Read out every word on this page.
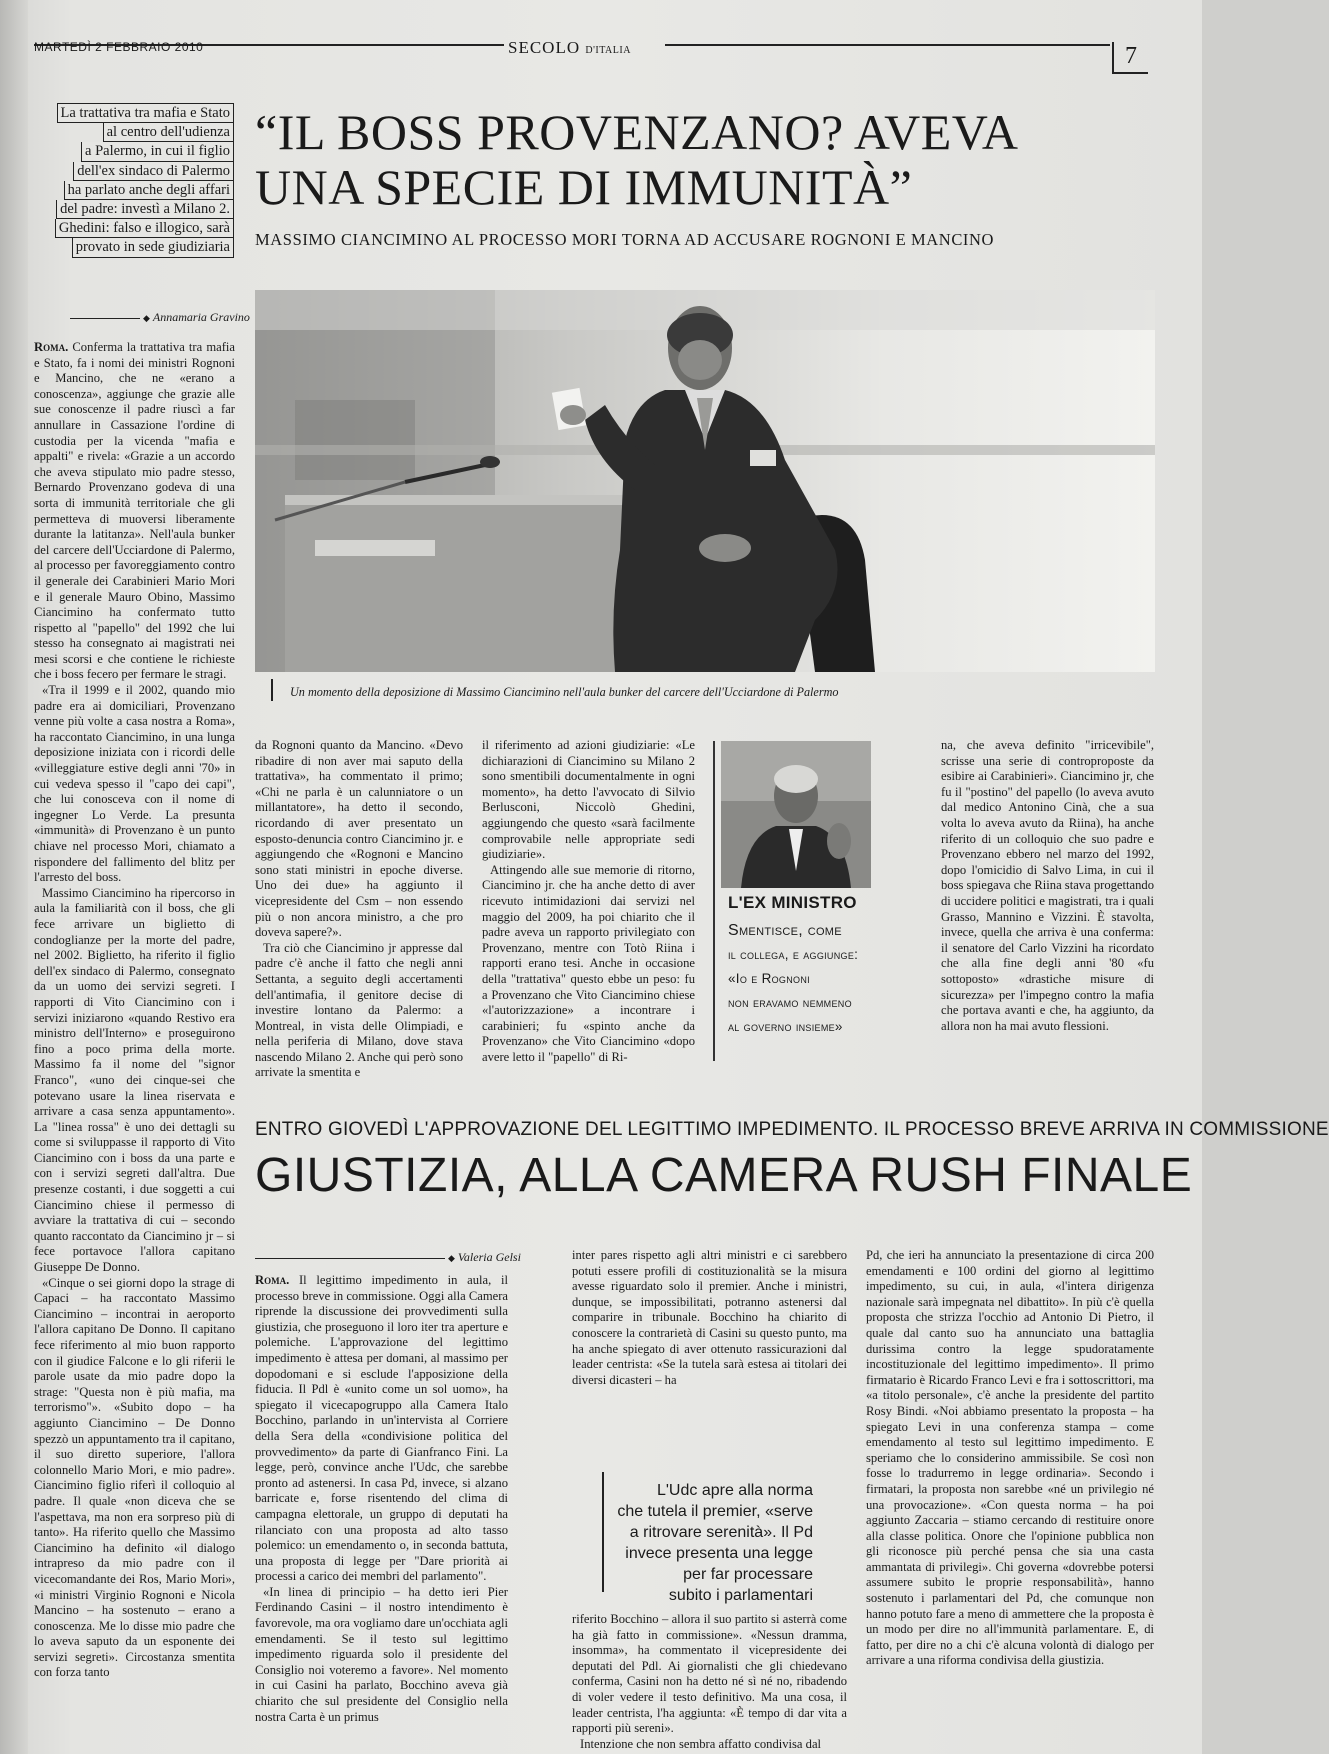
MARTEDÌ 2 FEBBRAIO 2010	SECOLO D'ITALIA	7
La trattativa tra mafia e Stato
al centro dell'udienza
a Palermo, in cui il figlio
dell'ex sindaco di Palermo
ha parlato anche degli affari
del padre: investì a Milano 2.
Ghedini: falso e illogico, sarà
provato in sede giudiziaria
“IL BOSS PROVENZANO? AVEVA
UNA SPECIE DI IMMUNITÀ”
MASSIMO CIANCIMINO AL PROCESSO MORI TORNA AD ACCUSARE ROGNONI E MANCINO
◆ Annamaria Gravino
Un momento della deposizione di Massimo Ciancimino nell'aula bunker del carcere dell'Ucciardone di Palermo

Roma. Conferma la trattativa tra mafia e Stato, fa i nomi dei ministri Rognoni e Mancino, che ne «erano a conoscenza», aggiunge che grazie alle sue conoscenze il padre riuscì a far annullare in Cassazione l'ordine di custodia per la vicenda "mafia e appalti" e rivela: «Grazie a un accordo che aveva stipulato mio padre stesso, Bernardo Provenzano godeva di una sorta di immunità territoriale che gli permetteva di muoversi liberamente durante la latitanza». Nell'aula bunker del carcere dell'Ucciardone di Palermo, al processo per favoreggiamento contro il generale dei Carabinieri Mario Mori e il generale Mauro Obino, Massimo Ciancimino ha confermato tutto rispetto al "papello" del 1992 che lui stesso ha consegnato ai magistrati nei mesi scorsi e che contiene le richieste che i boss fecero per fermare le stragi.

«Tra il 1999 e il 2002, quando mio padre era ai domiciliari, Provenzano venne più volte a casa nostra a Roma», ha raccontato Ciancimino, in una lunga deposizione iniziata con i ricordi delle «villeggiature estive degli anni '70» in cui vedeva spesso il "capo dei capi", che lui conosceva con il nome di ingegner Lo Verde. La presunta «immunità» di Provenzano è un punto chiave nel processo Mori, chiamato a rispondere del fallimento del blitz per l'arresto del boss.

Massimo Ciancimino ha ripercorso in aula la familiarità con il boss, che gli fece arrivare un biglietto di condoglianze per la morte del padre, nel 2002. Biglietto, ha riferito il figlio dell'ex sindaco di Palermo, consegnato da un uomo dei servizi segreti. I rapporti di Vito Ciancimino con i servizi iniziarono «quando Restivo era ministro dell'Interno» e proseguirono fino a poco prima della morte. Massimo fa il nome del "signor Franco", «uno dei cinque-sei che potevano usare la linea riservata e arrivare a casa senza appuntamento». La "linea rossa" è uno dei dettagli su come si sviluppasse il rapporto di Vito Ciancimino con i boss da una parte e con i servizi segreti dall'altra. Due presenze costanti, i due soggetti a cui Ciancimino chiese il permesso di avviare la trattativa di cui – secondo quanto raccontato da Ciancimino jr – si fece portavoce l'allora capitano Giuseppe De Donno.

«Cinque o sei giorni dopo la strage di Capaci – ha raccontato Massimo Ciancimino – incontrai in aeroporto l'allora capitano De Donno. Il capitano fece riferimento al mio buon rapporto con il giudice Falcone e lo gli riferii le parole usate da mio padre dopo la strage: "Questa non è più mafia, ma terrorismo"». «Subito dopo – ha aggiunto Ciancimino – De Donno spezzò un appuntamento tra il capitano, il suo diretto superiore, l'allora colonnello Mario Mori, e mio padre». Ciancimino figlio riferì il colloquio al padre. Il quale «non diceva che se l'aspettava, ma non era sorpreso più di tanto». Ha riferito quello che Massimo Ciancimino ha definito «il dialogo intrapreso da mio padre con il vicecomandante dei Ros, Mario Mori», «i ministri Virginio Rognoni e Nicola Mancino – ha sostenuto – erano a conoscenza. Me lo disse mio padre che lo aveva saputo da un esponente dei servizi segreti». Circostanza smentita con forza tanto

da Rognoni quanto da Mancino. «Devo ribadire di non aver mai saputo della trattativa», ha commentato il primo; «Chi ne parla è un calunniatore o un millantatore», ha detto il secondo, ricordando di aver presentato un esposto-denuncia contro Ciancimino jr. e aggiungendo che «Rognoni e Mancino sono stati ministri in epoche diverse. Uno dei due» ha aggiunto il vicepresidente del Csm – non essendo più o non ancora ministro, a che pro doveva sapere?».

Tra ciò che Ciancimino jr appresse dal padre c'è anche il fatto che negli anni Settanta, a seguito degli accertamenti dell'antimafia, il genitore decise di investire lontano da Palermo: a Montreal, in vista delle Olimpiadi, e nella periferia di Milano, dove stava nascendo Milano 2. Anche qui però sono arrivate la smentita e

il riferimento ad azioni giudiziarie: «Le dichiarazioni di Ciancimino su Milano 2 sono smentibili documentalmente in ogni momento», ha detto l'avvocato di Silvio Berlusconi, Niccolò Ghedini, aggiungendo che questo «sarà facilmente comprovabile nelle appropriate sedi giudiziarie».

Attingendo alle sue memorie di ritorno, Ciancimino jr. che ha anche detto di aver ricevuto intimidazioni dai servizi nel maggio del 2009, ha poi chiarito che il padre aveva un rapporto privilegiato con Provenzano, mentre con Totò Riina i rapporti erano tesi. Anche in occasione della "trattativa" questo ebbe un peso: fu a Provenzano che Vito Ciancimino chiese «l'autorizzazione» a incontrare i carabinieri; fu «spinto anche da Provenzano» che Vito Ciancimino «dopo avere letto il "papello" di Ri-

L'EX MINISTRO
Smentisce, come
il collega, e aggiunge:
«Io e Rognoni
non eravamo nemmeno
al governo insieme»

na, che aveva definito "irricevibile", scrisse una serie di controproposte da esibire ai Carabinieri». Ciancimino jr, che fu il "postino" del papello (lo aveva avuto dal medico Antonino Cinà, che a sua volta lo aveva avuto da Riina), ha anche riferito di un colloquio che suo padre e Provenzano ebbero nel marzo del 1992, dopo l'omicidio di Salvo Lima, in cui il boss spiegava che Riina stava progettando di uccidere politici e magistrati, tra i quali Grasso, Mannino e Vizzini. È stavolta, invece, quella che arriva è una conferma: il senatore del Carlo Vizzini ha ricordato che alla fine degli anni '80 «fu sottoposto» «drastiche misure di sicurezza» per l'impegno contro la mafia che portava avanti e che, ha aggiunto, da allora non ha mai avuto flessioni.

ENTRO GIOVEDÌ L'APPROVAZIONE DEL LEGITTIMO IMPEDIMENTO. IL PROCESSO BREVE ARRIVA IN COMMISSIONE
GIUSTIZIA, ALLA CAMERA RUSH FINALE
◆ Valeria Gelsi

Roma. Il legittimo impedimento in aula, il processo breve in commissione. Oggi alla Camera riprende la discussione dei provvedimenti sulla giustizia, che proseguono il loro iter tra aperture e polemiche. L'approvazione del legittimo impedimento è attesa per domani, al massimo per dopodomani e si esclude l'apposizione della fiducia. Il Pdl è «unito come un sol uomo», ha spiegato il vicecapogruppo alla Camera Italo Bocchino, parlando in un'intervista al Corriere della Sera della «condivisione politica del provvedimento» da parte di Gianfranco Fini. La legge, però, convince anche l'Udc, che sarebbe pronto ad astenersi. In casa Pd, invece, si alzano barricate e, forse risentendo del clima di campagna elettorale, un gruppo di deputati ha rilanciato con una proposta ad alto tasso polemico: un emendamento o, in seconda battuta, una proposta di legge per "Dare priorità ai processi a carico dei membri del parlamento".

«In linea di principio – ha detto ieri Pier Ferdinando Casini – il nostro intendimento è favorevole, ma ora vogliamo dare un'occhiata agli emendamenti. Se il testo sul legittimo impedimento riguarda solo il presidente del Consiglio noi voteremo a favore». Nel momento in cui Casini ha parlato, Bocchino aveva già chiarito che sul presidente del Consiglio nella nostra Carta è un primus

inter pares rispetto agli altri ministri e ci sarebbero potuti essere profili di costituzionalità se la misura avesse riguardato solo il premier. Anche i ministri, dunque, se impossibilitati, potranno astenersi dal comparire in tribunale. Bocchino ha chiarito di conoscere la contrarietà di Casini su questo punto, ma ha anche spiegato di aver ottenuto rassicurazioni dal leader centrista: «Se la tutela sarà estesa ai titolari dei diversi dicasteri – ha

L'Udc apre alla norma
che tutela il premier, «serve
a ritrovare serenità». Il Pd
invece presenta una legge
per far processare
subito i parlamentari

riferito Bocchino – allora il suo partito si asterrà come ha già fatto in commissione». «Nessun dramma, insomma», ha commentato il vicepresidente dei deputati del Pdl. Ai giornalisti che gli chiedevano conferma, Casini non ha detto né sì né no, ribadendo di voler vedere il testo definitivo. Ma una cosa, il leader centrista, l'ha aggiunta: «È tempo di dar vita a rapporti più sereni».

Intenzione che non sembra affatto condivisa dal

Pd, che ieri ha annunciato la presentazione di circa 200 emendamenti e 100 ordini del giorno al legittimo impedimento, su cui, in aula, «l'intera dirigenza nazionale sarà impegnata nel dibattito». In più c'è quella proposta che strizza l'occhio ad Antonio Di Pietro, il quale dal canto suo ha annunciato una battaglia durissima contro la legge spudoratamente incostituzionale del legittimo impedimento». Il primo firmatario è Ricardo Franco Levi e fra i sottoscrittori, ma «a titolo personale», c'è anche la presidente del partito Rosy Bindi. «Noi abbiamo presentato la proposta – ha spiegato Levi in una conferenza stampa – come emendamento al testo sul legittimo impedimento. E speriamo che lo considerino ammissibile. Se così non fosse lo tradurremo in legge ordinaria». Secondo i firmatari, la proposta non sarebbe «né un privilegio né una provocazione». «Con questa norma – ha poi aggiunto Zaccaria – stiamo cercando di restituire onore alla classe politica. Onore che l'opinione pubblica non gli riconosce più perché pensa che sia una casta ammantata di privilegi». Chi governa «dovrebbe potersi assumere subito le proprie responsabilità», hanno sostenuto i parlamentari del Pd, che comunque non hanno potuto fare a meno di ammettere che la proposta è un modo per dire no all'immunità parlamentare. E, di fatto, per dire no a chi c'è alcuna volontà di dialogo per arrivare a una riforma condivisa della giustizia.
